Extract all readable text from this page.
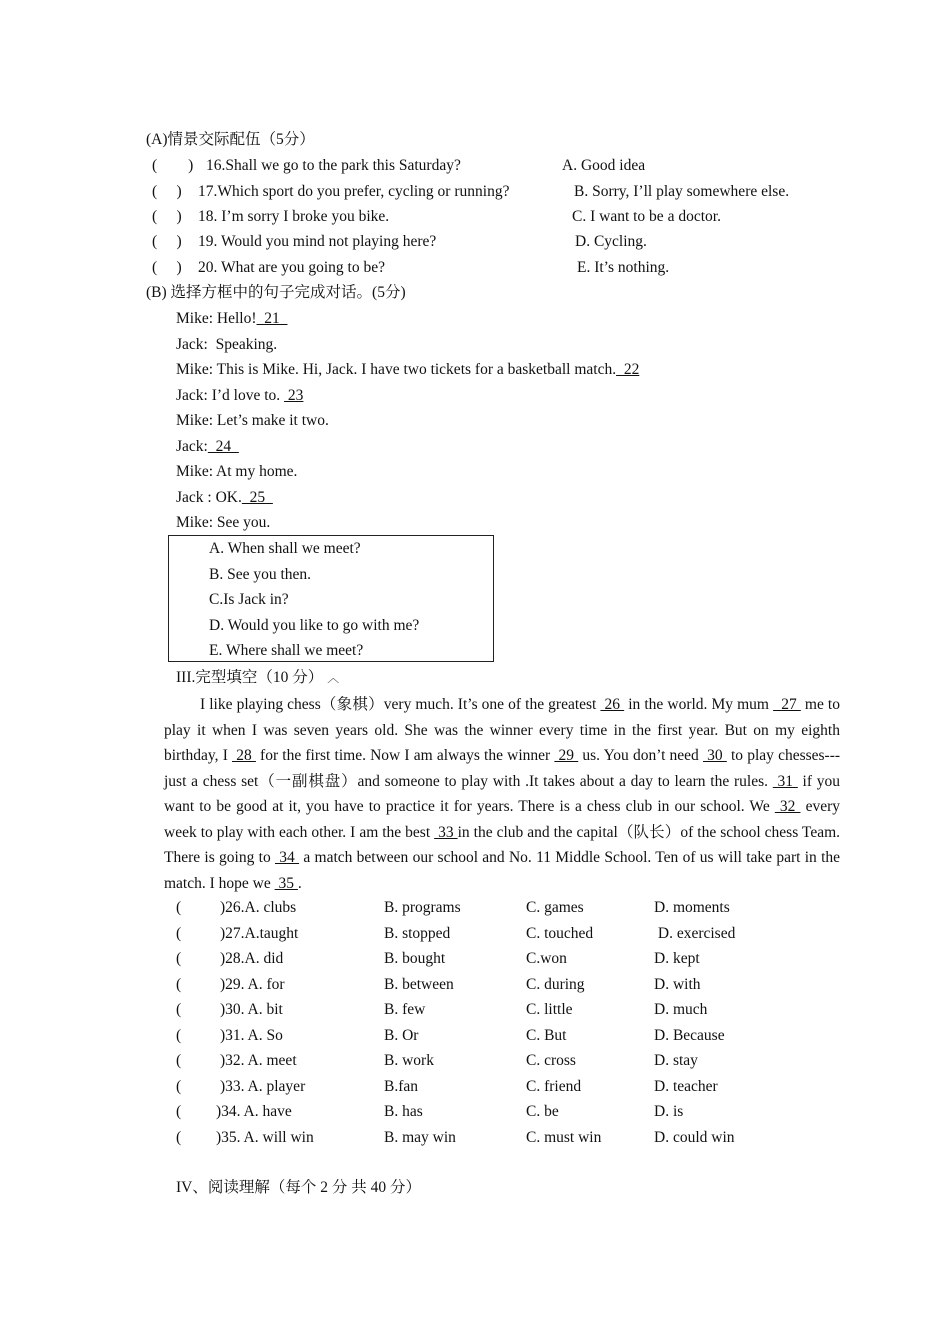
(A)情景交际配伍（5分）
(　　) 16.Shall we go to the park this Saturday?	A. Good idea
(　 ) 17.Which sport do you prefer, cycling or running?	B. Sorry, I’ll play somewhere else.
(　 ) 18. I’m sorry I broke you bike.	C. I want to be a doctor.
(　 ) 19. Would you mind not playing here?	D. Cycling.
(　 ) 20. What are you going to be?	E. It’s nothing.
(B) 选择方框中的句子完成对话。(5分)
Mike: Hello!  21
Jack:  Speaking.
Mike: This is Mike. Hi, Jack. I have two tickets for a basketball match.  22
Jack: I’d love to.  23
Mike: Let’s make it two.
Jack:  24
Mike: At my home.
Jack : OK.  25
Mike: See you.
A. When shall we meet?
B. See you then.
C.Is Jack in?
D. Would you like to go with me?
E. Where shall we meet?
III.完型填空（10 分） ︿
I like playing chess（象棋）very much. It’s one of the greatest  26  in the world. My mum   27  me to play it when I was seven years old. She was the winner every time in the first year. But on my eighth birthday, I  28  for the first time. Now I am always the winner  29  us. You don’t need  30  to play chesses---just a chess set（一副棋盘）and someone to play with .It takes about a day to learn the rules.  31  if you want to be good at it, you have to practice it for years. There is a chess club in our school. We  32  every week to play with each other. I am the best  33 in the club and the capital（队长）of the school chess Team. There is going to  34  a match between our school and No. 11 Middle School. Ten of us will take part in the match. I hope we  35 .
(	)26.A. clubs	B. programs	C. games	D. moments
(	)27.A.taught	B. stopped	C. touched	D. exercised
(	)28.A. did	B. bought	C.won	D. kept
(	)29. A. for	B. between	C. during	D. with
(	)30. A. bit	B. few	C. little	D. much
(	)31. A. So	B. Or	C. But	D. Because
(	)32. A. meet	B. work	C. cross	D. stay
(	)33. A. player	B.fan	C. friend	D. teacher
( )34. A. have	B. has	C. be	D. is
( )35. A. will win	B. may win	C. must win	D. could win
IV、阅读理解（每个 2 分 共 40 分）
